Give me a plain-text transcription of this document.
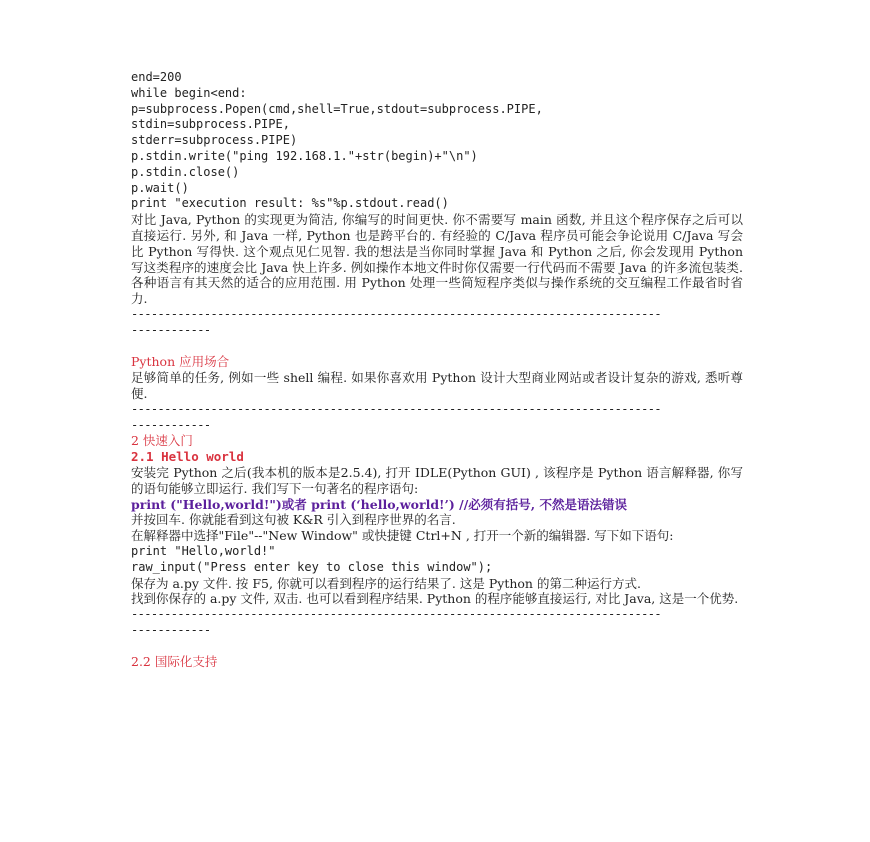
end=200
while begin<end:
p=subprocess.Popen(cmd,shell=True,stdout=subprocess.PIPE,
stdin=subprocess.PIPE,
stderr=subprocess.PIPE)
p.stdin.write("ping 192.168.1."+str(begin)+"\n")
p.stdin.close()
p.wait()
print "execution result: %s"%p.stdout.read()

对比 Java, Python 的实现更为简洁, 你编写的时间更快. 你不需要写 main 函数, 并且这个程序保存之后可以直接运行. 另外, 和 Java 一样, Python 也是跨平台的. 有经验的 C/Java 程序员可能会争论说用 C/Java 写会比 Python 写得快. 这个观点见仁见智. 我的想法是当你同时掌握 Java 和 Python 之后, 你会发现用 Python 写这类程序的速度会比 Java 快上许多. 例如操作本地文件时你仅需要一行代码而不需要 Java 的许多流包装类. 各种语言有其天然的适合的应用范围. 用 Python 处理一些简短程序类似与操作系统的交互编程工作最省时省力.

--------------------------------------------------------------------------------
------------
Python 应用场合

足够简单的任务, 例如一些 shell 编程. 如果你喜欢用 Python 设计大型商业网站或者设计复杂的游戏, 悉听尊便.

--------------------------------------------------------------------------------
------------
2 快速入门
2.1 Hello world

安装完 Python 之后(我本机的版本是2.5.4), 打开 IDLE(Python GUI) , 该程序是 Python 语言解释器, 你写的语句能够立即运行. 我们写下一句著名的程序语句:

print ("Hello,world!")或者 print (‘hello,world!’) //必须有括号, 不然是语法错误

并按回车. 你就能看到这句被 K&R 引入到程序世界的名言.

在解释器中选择"File"--"New Window" 或快捷键 Ctrl+N , 打开一个新的编辑器. 写下如下语句:

print "Hello,world!"
raw_input("Press enter key to close this window");

保存为 a.py 文件. 按 F5, 你就可以看到程序的运行结果了. 这是 Python 的第二种运行方式.

找到你保存的 a.py 文件, 双击. 也可以看到程序结果. Python 的程序能够直接运行, 对比 Java, 这是一个优势.

--------------------------------------------------------------------------------
------------
2.2 国际化支持
